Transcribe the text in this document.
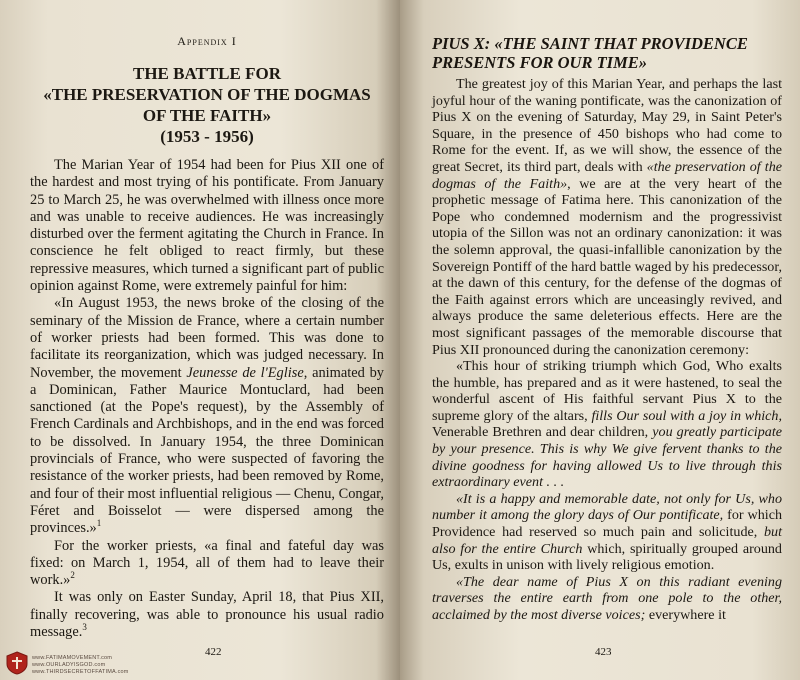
Appendix I
THE BATTLE FOR
«THE PRESERVATION OF THE DOGMAS
OF THE FAITH»
(1953 - 1956)

The Marian Year of 1954 had been for Pius XII one of the hardest and most trying of his pontificate. From January 25 to March 25, he was overwhelmed with illness once more and was unable to receive audiences. He was increasingly disturbed over the ferment agitating the Church in France. In conscience he felt obliged to react firmly, but these repressive measures, which turned a significant part of public opinion against Rome, were extremely painful for him:

«In August 1953, the news broke of the closing of the seminary of the Mission de France, where a certain number of worker priests had been formed. This was done to facilitate its reorganization, which was judged necessary. In November, the movement Jeunesse de l'Eglise, animated by a Dominican, Father Maurice Montuclard, had been sanctioned (at the Pope's request), by the Assembly of French Cardinals and Archbishops, and in the end was forced to be dissolved. In January 1954, the three Dominican provincials of France, who were suspected of favoring the resistance of the worker priests, had been removed by Rome, and four of their most influential religious — Chenu, Congar, Féret and Boisselot — were dispersed among the provinces.»$^1$

For the worker priests, «a final and fateful day was fixed: on March 1, 1954, all of them had to leave their work.»$^2$

It was only on Easter Sunday, April 18, that Pius XII, finally recovering, was able to pronounce his usual radio message.$^3$

422
www.FATIMAMOVEMENT.com
www.OURLADYISGOD.com
www.THIRDSECRETOFFATIMA.com
PIUS X: «THE SAINT THAT PROVIDENCE PRESENTS FOR OUR TIME»

The greatest joy of this Marian Year, and perhaps the last joyful hour of the waning pontificate, was the canonization of Pius X on the evening of Saturday, May 29, in Saint Peter's Square, in the presence of 450 bishops who had come to Rome for the event. If, as we will show, the essence of the great Secret, its third part, deals with «the preservation of the dogmas of the Faith», we are at the very heart of the prophetic message of Fatima here. This canonization of the Pope who condemned modernism and the progressivist utopia of the Sillon was not an ordinary canonization: it was the solemn approval, the quasi-infallible canonization by the Sovereign Pontiff of the hard battle waged by his predecessor, at the dawn of this century, for the defense of the dogmas of the Faith against errors which are unceasingly revived, and always produce the same deleterious effects. Here are the most significant passages of the memorable discourse that Pius XII pronounced during the canonization ceremony:

«This hour of striking triumph which God, Who exalts the humble, has prepared and as it were hastened, to seal the wonderful ascent of His faithful servant Pius X to the supreme glory of the altars, fills Our soul with a joy in which, Venerable Brethren and dear children, you greatly participate by your presence. This is why We give fervent thanks to the divine goodness for having allowed Us to live through this extraordinary event . . .

«It is a happy and memorable date, not only for Us, who number it among the glory days of Our pontificate, for which Providence had reserved so much pain and solicitude, but also for the entire Church which, spiritually grouped around Us, exults in unison with lively religious emotion.

«The dear name of Pius X on this radiant evening traverses the entire earth from one pole to the other, acclaimed by the most diverse voices; everywhere it

423
